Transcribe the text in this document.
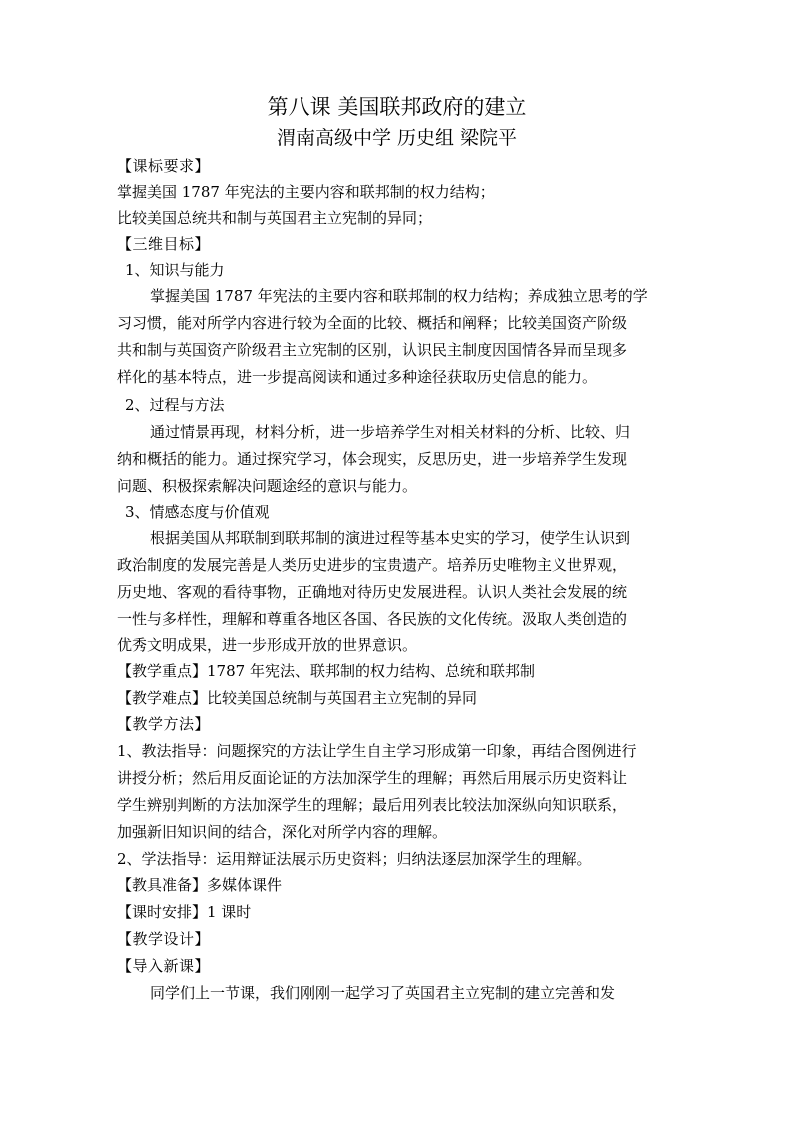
第八课 美国联邦政府的建立
渭南高级中学 历史组 梁院平
【课标要求】
掌握美国 1787 年宪法的主要内容和联邦制的权力结构；
比较美国总统共和制与英国君主立宪制的异同；
【三维目标】
1、知识与能力
掌握美国 1787 年宪法的主要内容和联邦制的权力结构；养成独立思考的学
习习惯，能对所学内容进行较为全面的比较、概括和阐释；比较美国资产阶级
共和制与英国资产阶级君主立宪制的区别，认识民主制度因国情各异而呈现多
样化的基本特点，进一步提高阅读和通过多种途径获取历史信息的能力。
2、过程与方法
通过情景再现，材料分析，进一步培养学生对相关材料的分析、比较、归
纳和概括的能力。通过探究学习，体会现实，反思历史，进一步培养学生发现
问题、积极探索解决问题途经的意识与能力。
3、情感态度与价值观
根据美国从邦联制到联邦制的演进过程等基本史实的学习，使学生认识到
政治制度的发展完善是人类历史进步的宝贵遗产。培养历史唯物主义世界观，
历史地、客观的看待事物，正确地对待历史发展进程。认识人类社会发展的统
一性与多样性，理解和尊重各地区各国、各民族的文化传统。汲取人类创造的
优秀文明成果，进一步形成开放的世界意识。
【教学重点】1787 年宪法、联邦制的权力结构、总统和联邦制
【教学难点】比较美国总统制与英国君主立宪制的异同
【教学方法】
1、教法指导：问题探究的方法让学生自主学习形成第一印象，再结合图例进行
讲授分析；然后用反面论证的方法加深学生的理解；再然后用展示历史资料让
学生辨别判断的方法加深学生的理解；最后用列表比较法加深纵向知识联系，
加强新旧知识间的结合，深化对所学内容的理解。
2、学法指导：运用辩证法展示历史资料；归纳法逐层加深学生的理解。
【教具准备】多媒体课件
【课时安排】1 课时
【教学设计】
【导入新课】
同学们上一节课，我们刚刚一起学习了英国君主立宪制的建立完善和发
